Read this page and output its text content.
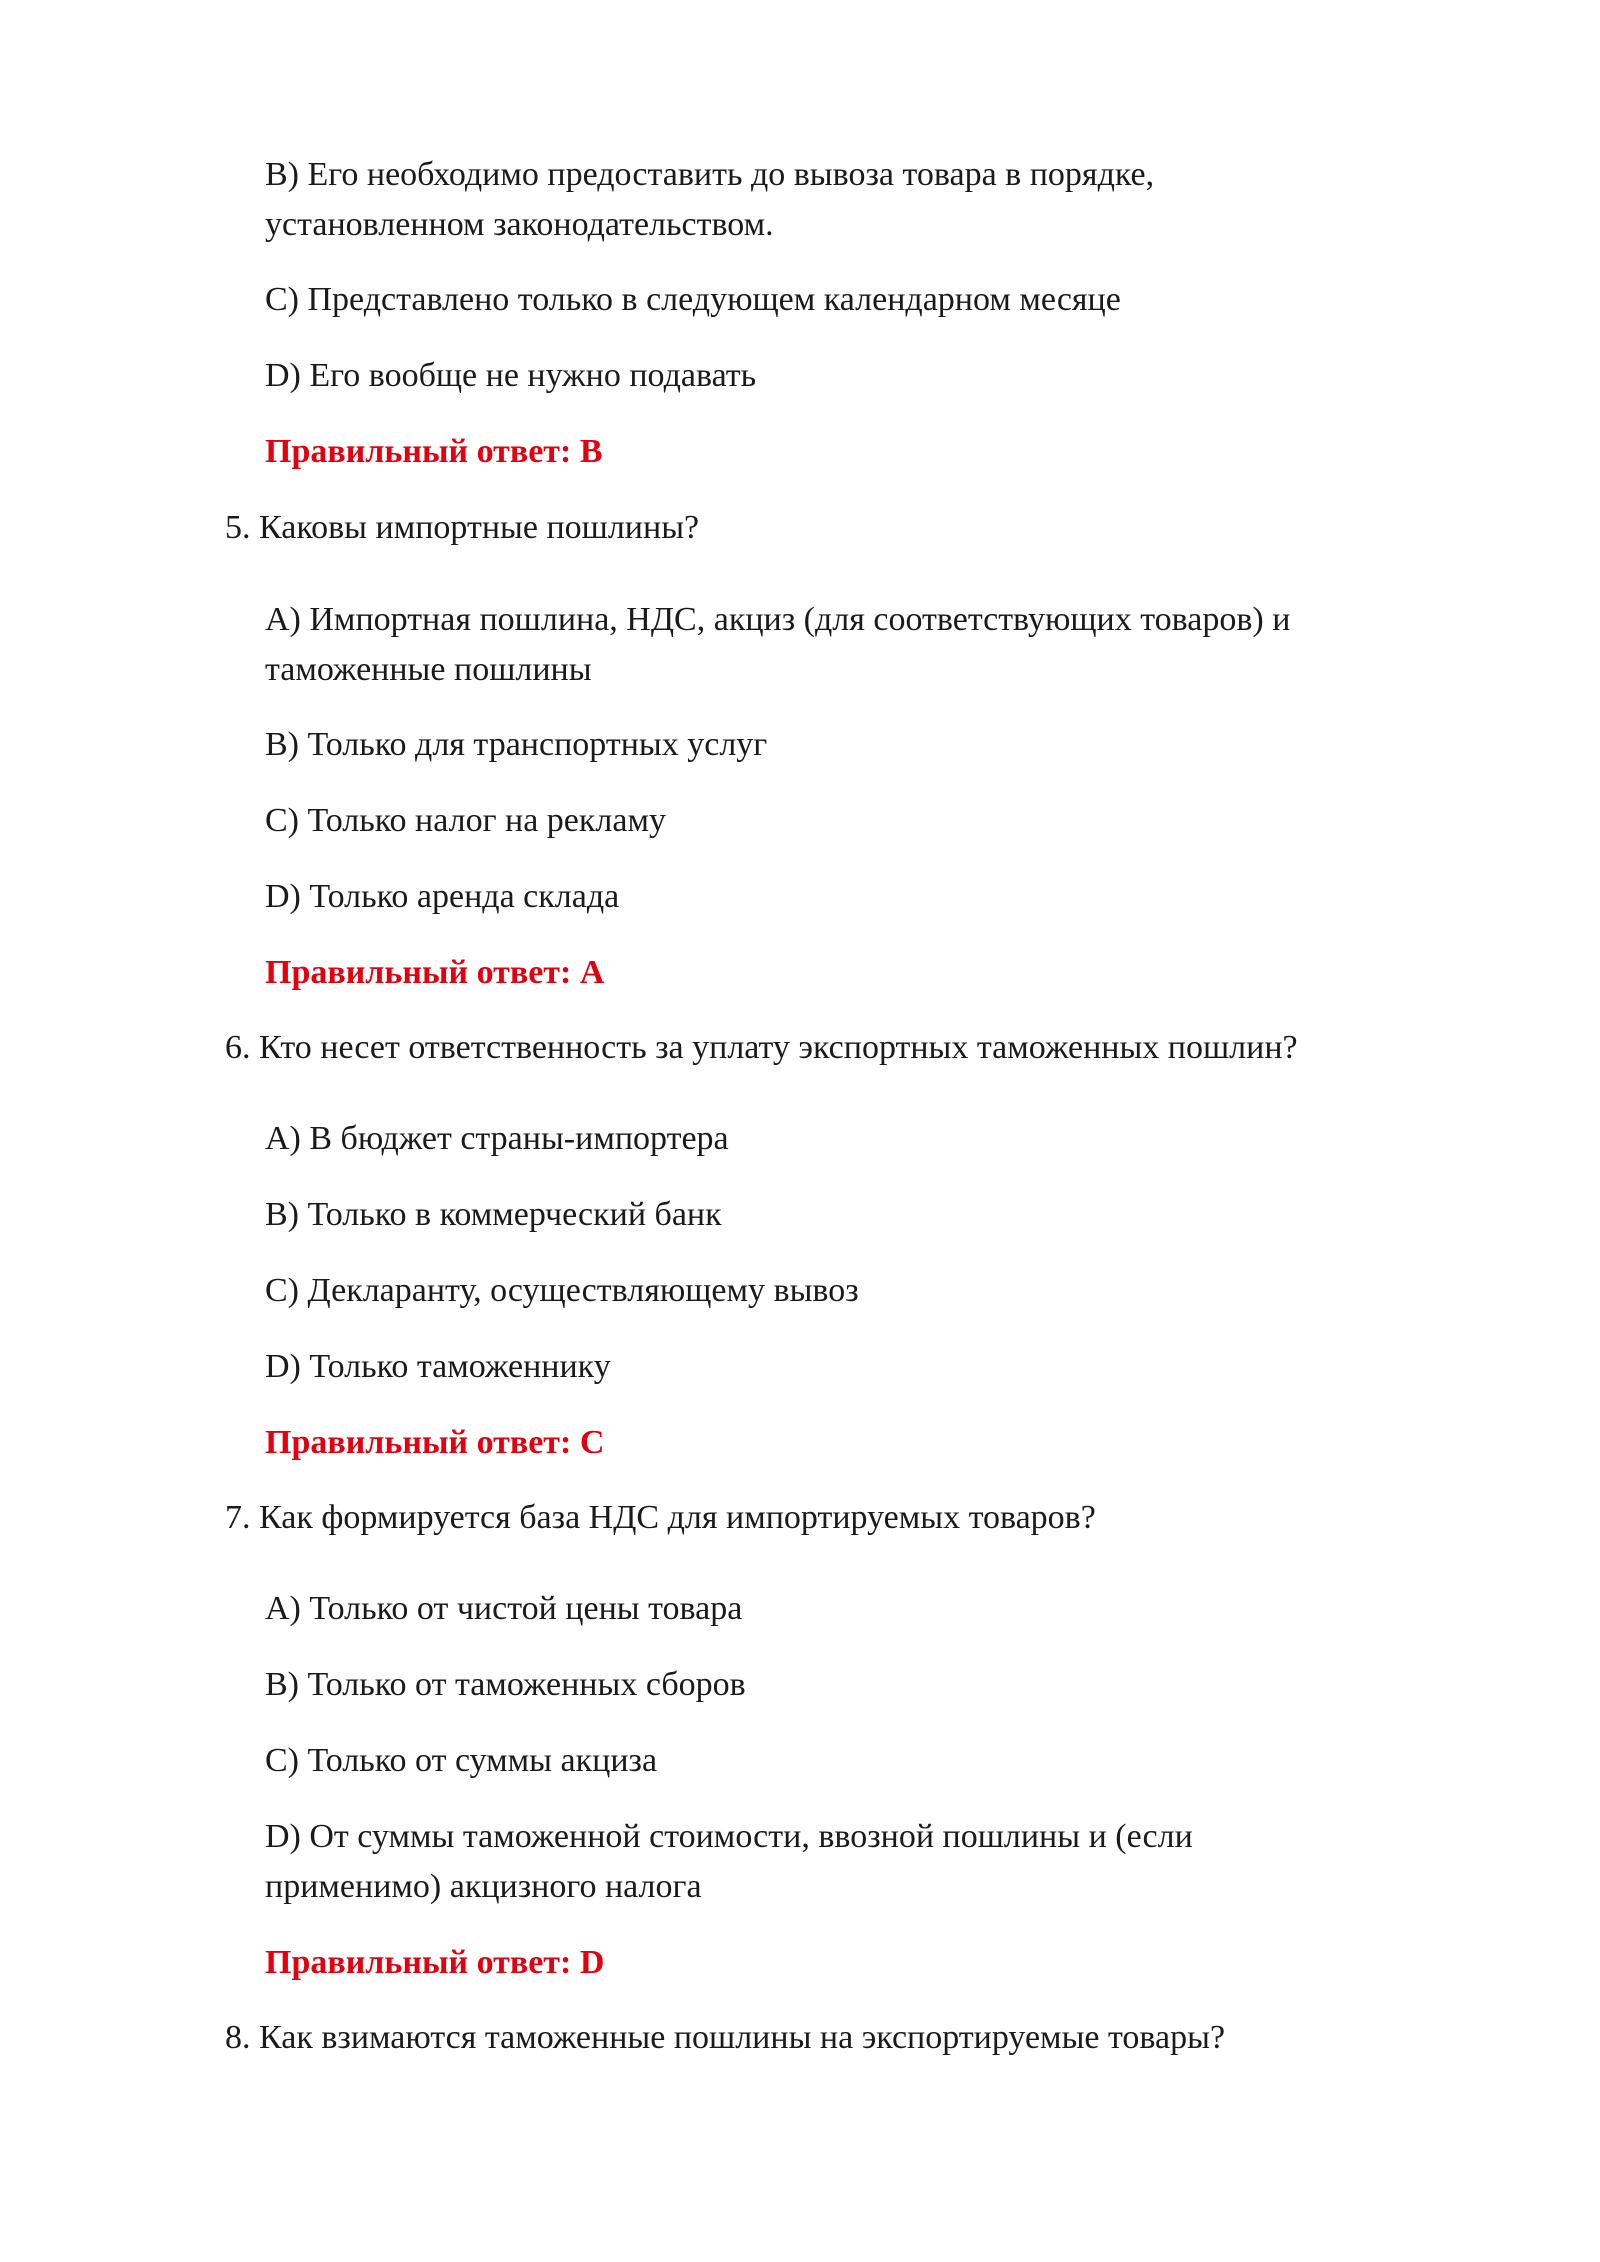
B) Его необходимо предоставить до вывоза товара в порядке,
установленном законодательством.
C) Представлено только в следующем календарном месяце
D) Его вообще не нужно подавать
Правильный ответ: B
5. Каковы импортные пошлины?
A) Импортная пошлина, НДС, акциз (для соответствующих товаров) и
таможенные пошлины
B) Только для транспортных услуг
C) Только налог на рекламу
D) Только аренда склада
Правильный ответ: A
6. Кто несет ответственность за уплату экспортных таможенных пошлин?
A) В бюджет страны-импортера
B) Только в коммерческий банк
C) Декларанту, осуществляющему вывоз
D) Только таможеннику
Правильный ответ: C
7. Как формируется база НДС для импортируемых товаров?
A) Только от чистой цены товара
B) Только от таможенных сборов
C) Только от суммы акциза
D) От суммы таможенной стоимости, ввозной пошлины и (если
применимо) акцизного налога
Правильный ответ: D
8. Как взимаются таможенные пошлины на экспортируемые товары?
